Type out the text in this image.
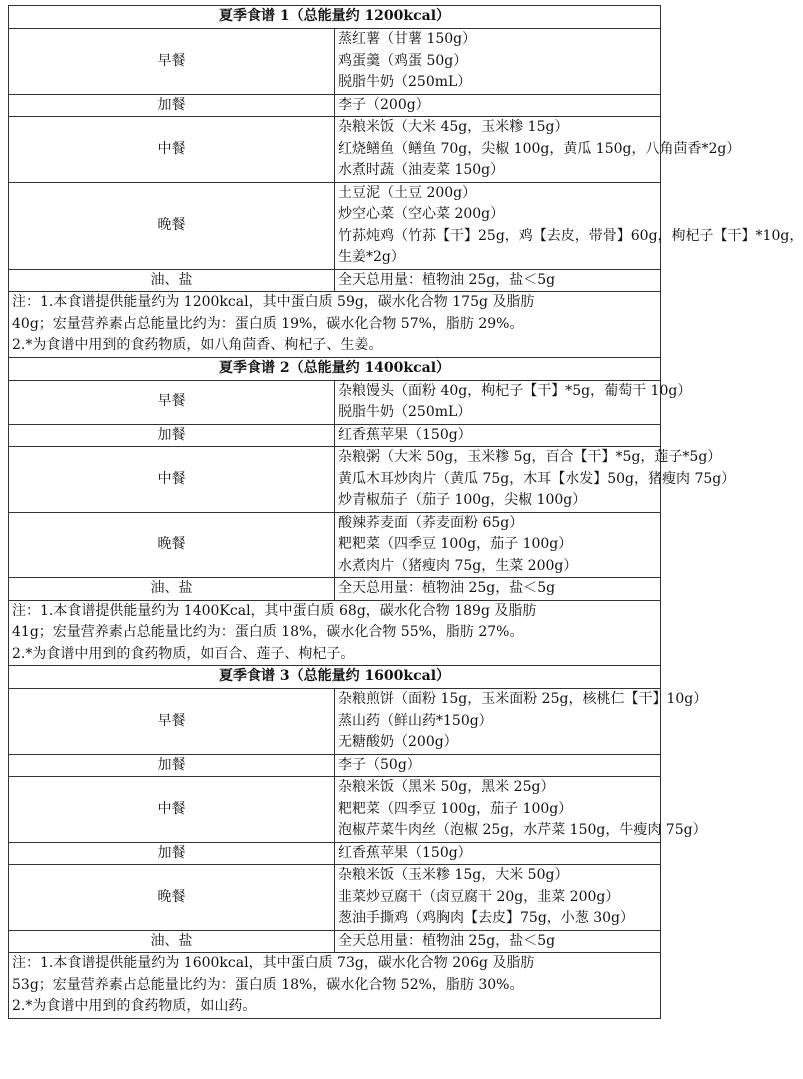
夏季食谱 1（总能量约 1200kcal）	
早餐	蒸红薯（甘薯 150g）
鸡蛋羹（鸡蛋 50g）
脱脂牛奶（250mL）

加餐	李子（200g）

中餐	杂粮米饭（大米 45g，玉米糁 15g）
红烧鳝鱼（鳝鱼 70g，尖椒 100g，黄瓜 150g，八角茴香*2g）
水煮时蔬（油麦菜 150g）

晚餐	土豆泥（土豆 200g）
炒空心菜（空心菜 200g）
竹荪炖鸡（竹荪【干】25g，鸡【去皮，带骨】60g，枸杞子【干】*10g，
生姜*2g）

油、盐	全天总用量：植物油 25g，盐＜5g

注：1.本食谱提供能量约为 1200kcal，其中蛋白质 59g，碳水化合物 175g 及脂肪
40g；宏量营养素占总能量比约为：蛋白质 19%，碳水化合物 57%，脂肪 29%。
2.*为食谱中用到的食药物质，如八角茴香、枸杞子、生姜。	

夏季食谱 2（总能量约 1400kcal）	
早餐	杂粮馒头（面粉 40g，枸杞子【干】*5g，葡萄干 10g）
脱脂牛奶（250mL）

加餐	红香蕉苹果（150g）

中餐	杂粮粥（大米 50g，玉米糁 5g，百合【干】*5g，莲子*5g）
黄瓜木耳炒肉片（黄瓜 75g，木耳【水发】50g，猪瘦肉 75g）
炒青椒茄子（茄子 100g，尖椒 100g）

晚餐	酸辣荞麦面（荞麦面粉 65g）
粑粑菜（四季豆 100g，茄子 100g）
水煮肉片（猪瘦肉 75g，生菜 200g）

油、盐	全天总用量：植物油 25g，盐＜5g

注：1.本食谱提供能量约为 1400Kcal，其中蛋白质 68g，碳水化合物 189g 及脂肪
41g；宏量营养素占总能量比约为：蛋白质 18%，碳水化合物 55%，脂肪 27%。
2.*为食谱中用到的食药物质，如百合、莲子、枸杞子。	

夏季食谱 3（总能量约 1600kcal）	
早餐	杂粮煎饼（面粉 15g，玉米面粉 25g，核桃仁【干】10g）
蒸山药（鲜山药*150g）
无糖酸奶（200g）

加餐	李子（50g）

中餐	杂粮米饭（黑米 50g，黑米 25g）
粑粑菜（四季豆 100g，茄子 100g）
泡椒芹菜牛肉丝（泡椒 25g，水芹菜 150g，牛瘦肉 75g）

加餐	红香蕉苹果（150g）

晚餐	杂粮米饭（玉米糁 15g，大米 50g）
韭菜炒豆腐干（卤豆腐干 20g，韭菜 200g）
葱油手撕鸡（鸡胸肉【去皮】75g，小葱 30g）

油、盐	全天总用量：植物油 25g，盐＜5g

注：1.本食谱提供能量约为 1600kcal，其中蛋白质 73g，碳水化合物 206g 及脂肪
53g；宏量营养素占总能量比约为：蛋白质 18%，碳水化合物 52%，脂肪 30%。
2.*为食谱中用到的食药物质，如山药。	
